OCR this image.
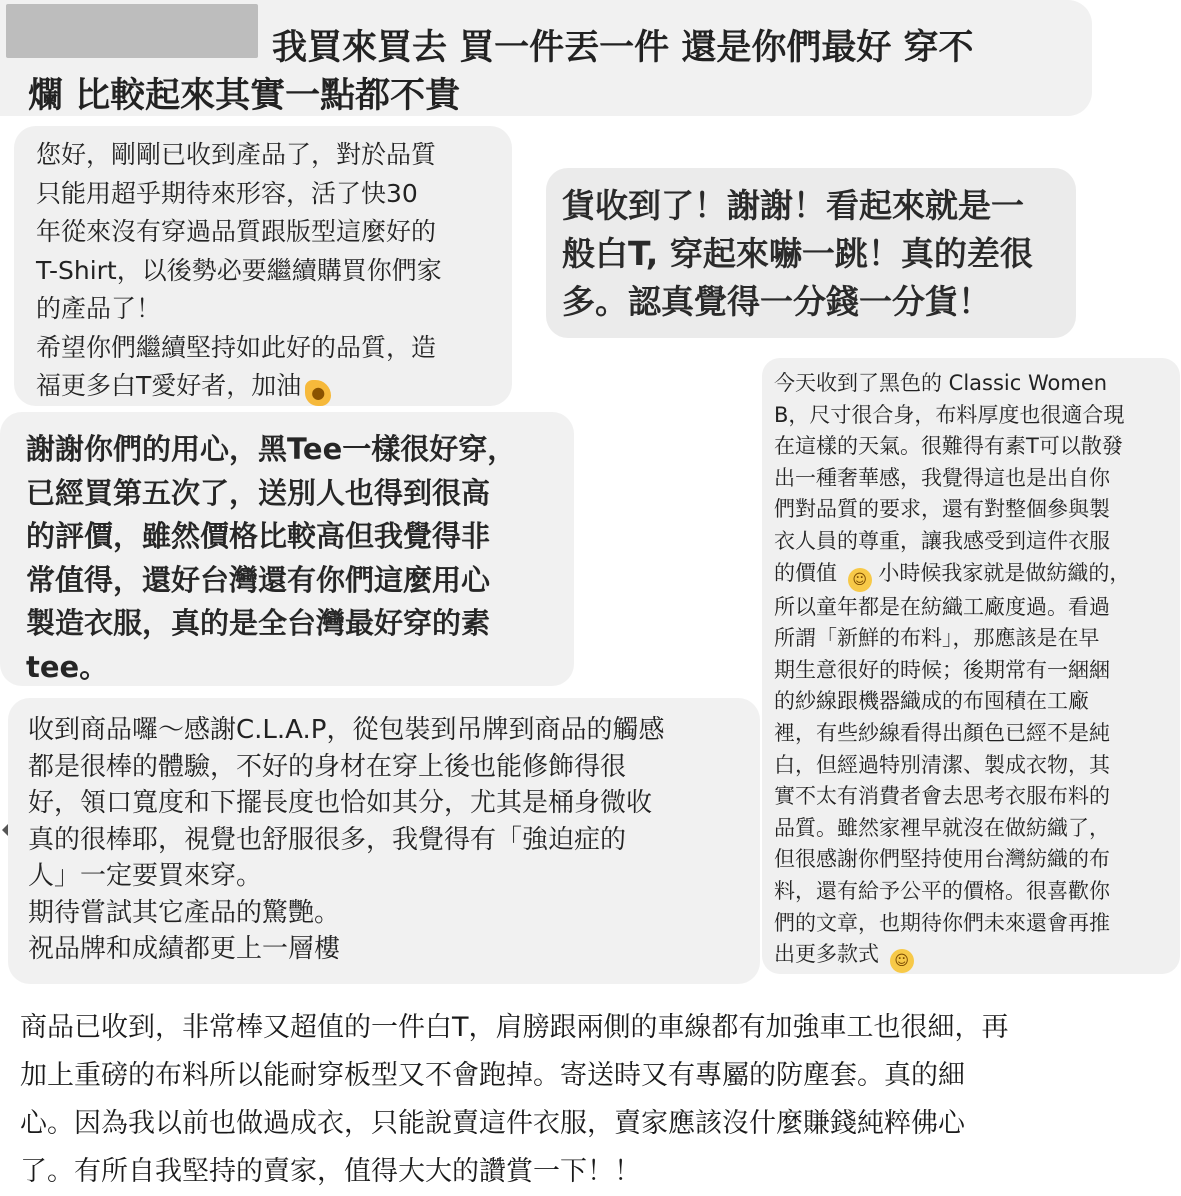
我買來買去 買一件丟一件 還是你們最好 穿不
爛 比較起來其實一點都不貴
您好，剛剛已收到產品了，對於品質
只能用超乎期待來形容，活了快30
年從來沒有穿過品質跟版型這麼好的
T-Shirt，以後勢必要繼續購買你們家
的產品了！
希望你們繼續堅持如此好的品質，造
福更多白T愛好者，加油 ●
貨收到了！謝謝！看起來就是一
般白T, 穿起來嚇一跳！真的差很
多。認真覺得一分錢一分貨！
謝謝你們的用心，黑Tee一樣很好穿，
已經買第五次了，送別人也得到很高
的評價，雖然價格比較高但我覺得非
常值得，還好台灣還有你們這麼用心
製造衣服，真的是全台灣最好穿的素
tee。
今天收到了黑色的 Classic Women
B，尺寸很合身，布料厚度也很適合現
在這樣的天氣。很難得有素T可以散發
出一種奢華感，我覺得這也是出自你
們對品質的要求，還有對整個參與製
衣人員的尊重，讓我感受到這件衣服
的價值 ☺ 小時候我家就是做紡織的，
所以童年都是在紡織工廠度過。看過
所謂「新鮮的布料」，那應該是在早
期生意很好的時候；後期常有一綑綑
的紗線跟機器織成的布囤積在工廠
裡，有些紗線看得出顏色已經不是純
白，但經過特別清潔、製成衣物，其
實不太有消費者會去思考衣服布料的
品質。雖然家裡早就沒在做紡織了，
但很感謝你們堅持使用台灣紡織的布
料，還有給予公平的價格。很喜歡你
們的文章，也期待你們未來還會再推
出更多款式 ☺
收到商品囉～感謝C.L.A.P，從包裝到吊牌到商品的觸感
都是很棒的體驗，不好的身材在穿上後也能修飾得很
好，領口寬度和下擺長度也恰如其分，尤其是桶身微收
真的很棒耶，視覺也舒服很多，我覺得有「強迫症的
人」一定要買來穿。
期待嘗試其它產品的驚艷。
祝品牌和成績都更上一層樓
商品已收到，非常棒又超值的一件白T，肩膀跟兩側的車線都有加強車工也很細，再
加上重磅的布料所以能耐穿板型又不會跑掉。寄送時又有專屬的防塵套。真的細
心。因為我以前也做過成衣，只能說賣這件衣服，賣家應該沒什麼賺錢純粹佛心
了。有所自我堅持的賣家，值得大大的讚賞一下！！
